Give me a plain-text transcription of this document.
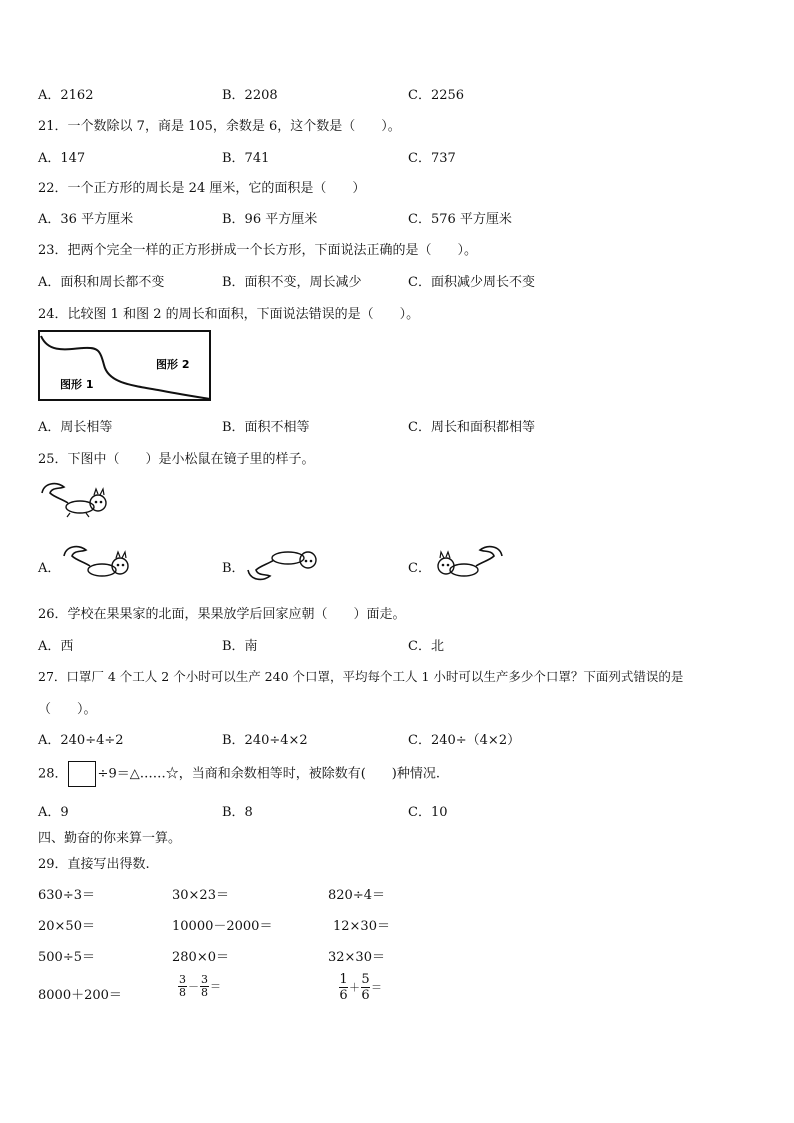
A．2162	B．2208	C．2256
21．一个数除以 7，商是 105，余数是 6，这个数是（　　）。
A．147	B．741	C．737
22．一个正方形的周长是 24 厘米，它的面积是（　　）
A．36 平方厘米	B．96 平方厘米	C．576 平方厘米
23．把两个完全一样的正方形拼成一个长方形，下面说法正确的是（　　）。
A．面积和周长都不变	B．面积不变，周长减少	C．面积减少周长不变
24．比较图 1 和图 2 的周长和面积，下面说法错误的是（　　）。
图形 1
图形 2
A．周长相等	B．面积不相等	C．周长和面积都相等
25．下图中（　　）是小松鼠在镜子里的样子。
A．	B．	C．
26．学校在果果家的北面，果果放学后回家应朝（　　）面走。
A．西	B．南	C．北
27．口罩厂 4 个工人 2 个小时可以生产 240 个口罩，平均每个工人 1 小时可以生产多少个口罩？下面列式错误的是
（　　）。
A．240÷4÷2	B．240÷4×2	C．240÷（4×2）
28． ÷9＝△……☆，当商和余数相等时，被除数有(　　)种情况.
A．9	B．8	C．10
四、勤奋的你来算一算。
29．直接写出得数.
630÷3＝	30×23＝	820÷4＝
20×50＝	10000－2000＝	12×30＝
500÷5＝	280×0＝	32×30＝
8000＋200＝	$\frac{3}{8} - \frac{3}{8}$ ＝	$\frac{1}{6} + \frac{5}{6}$ ＝
